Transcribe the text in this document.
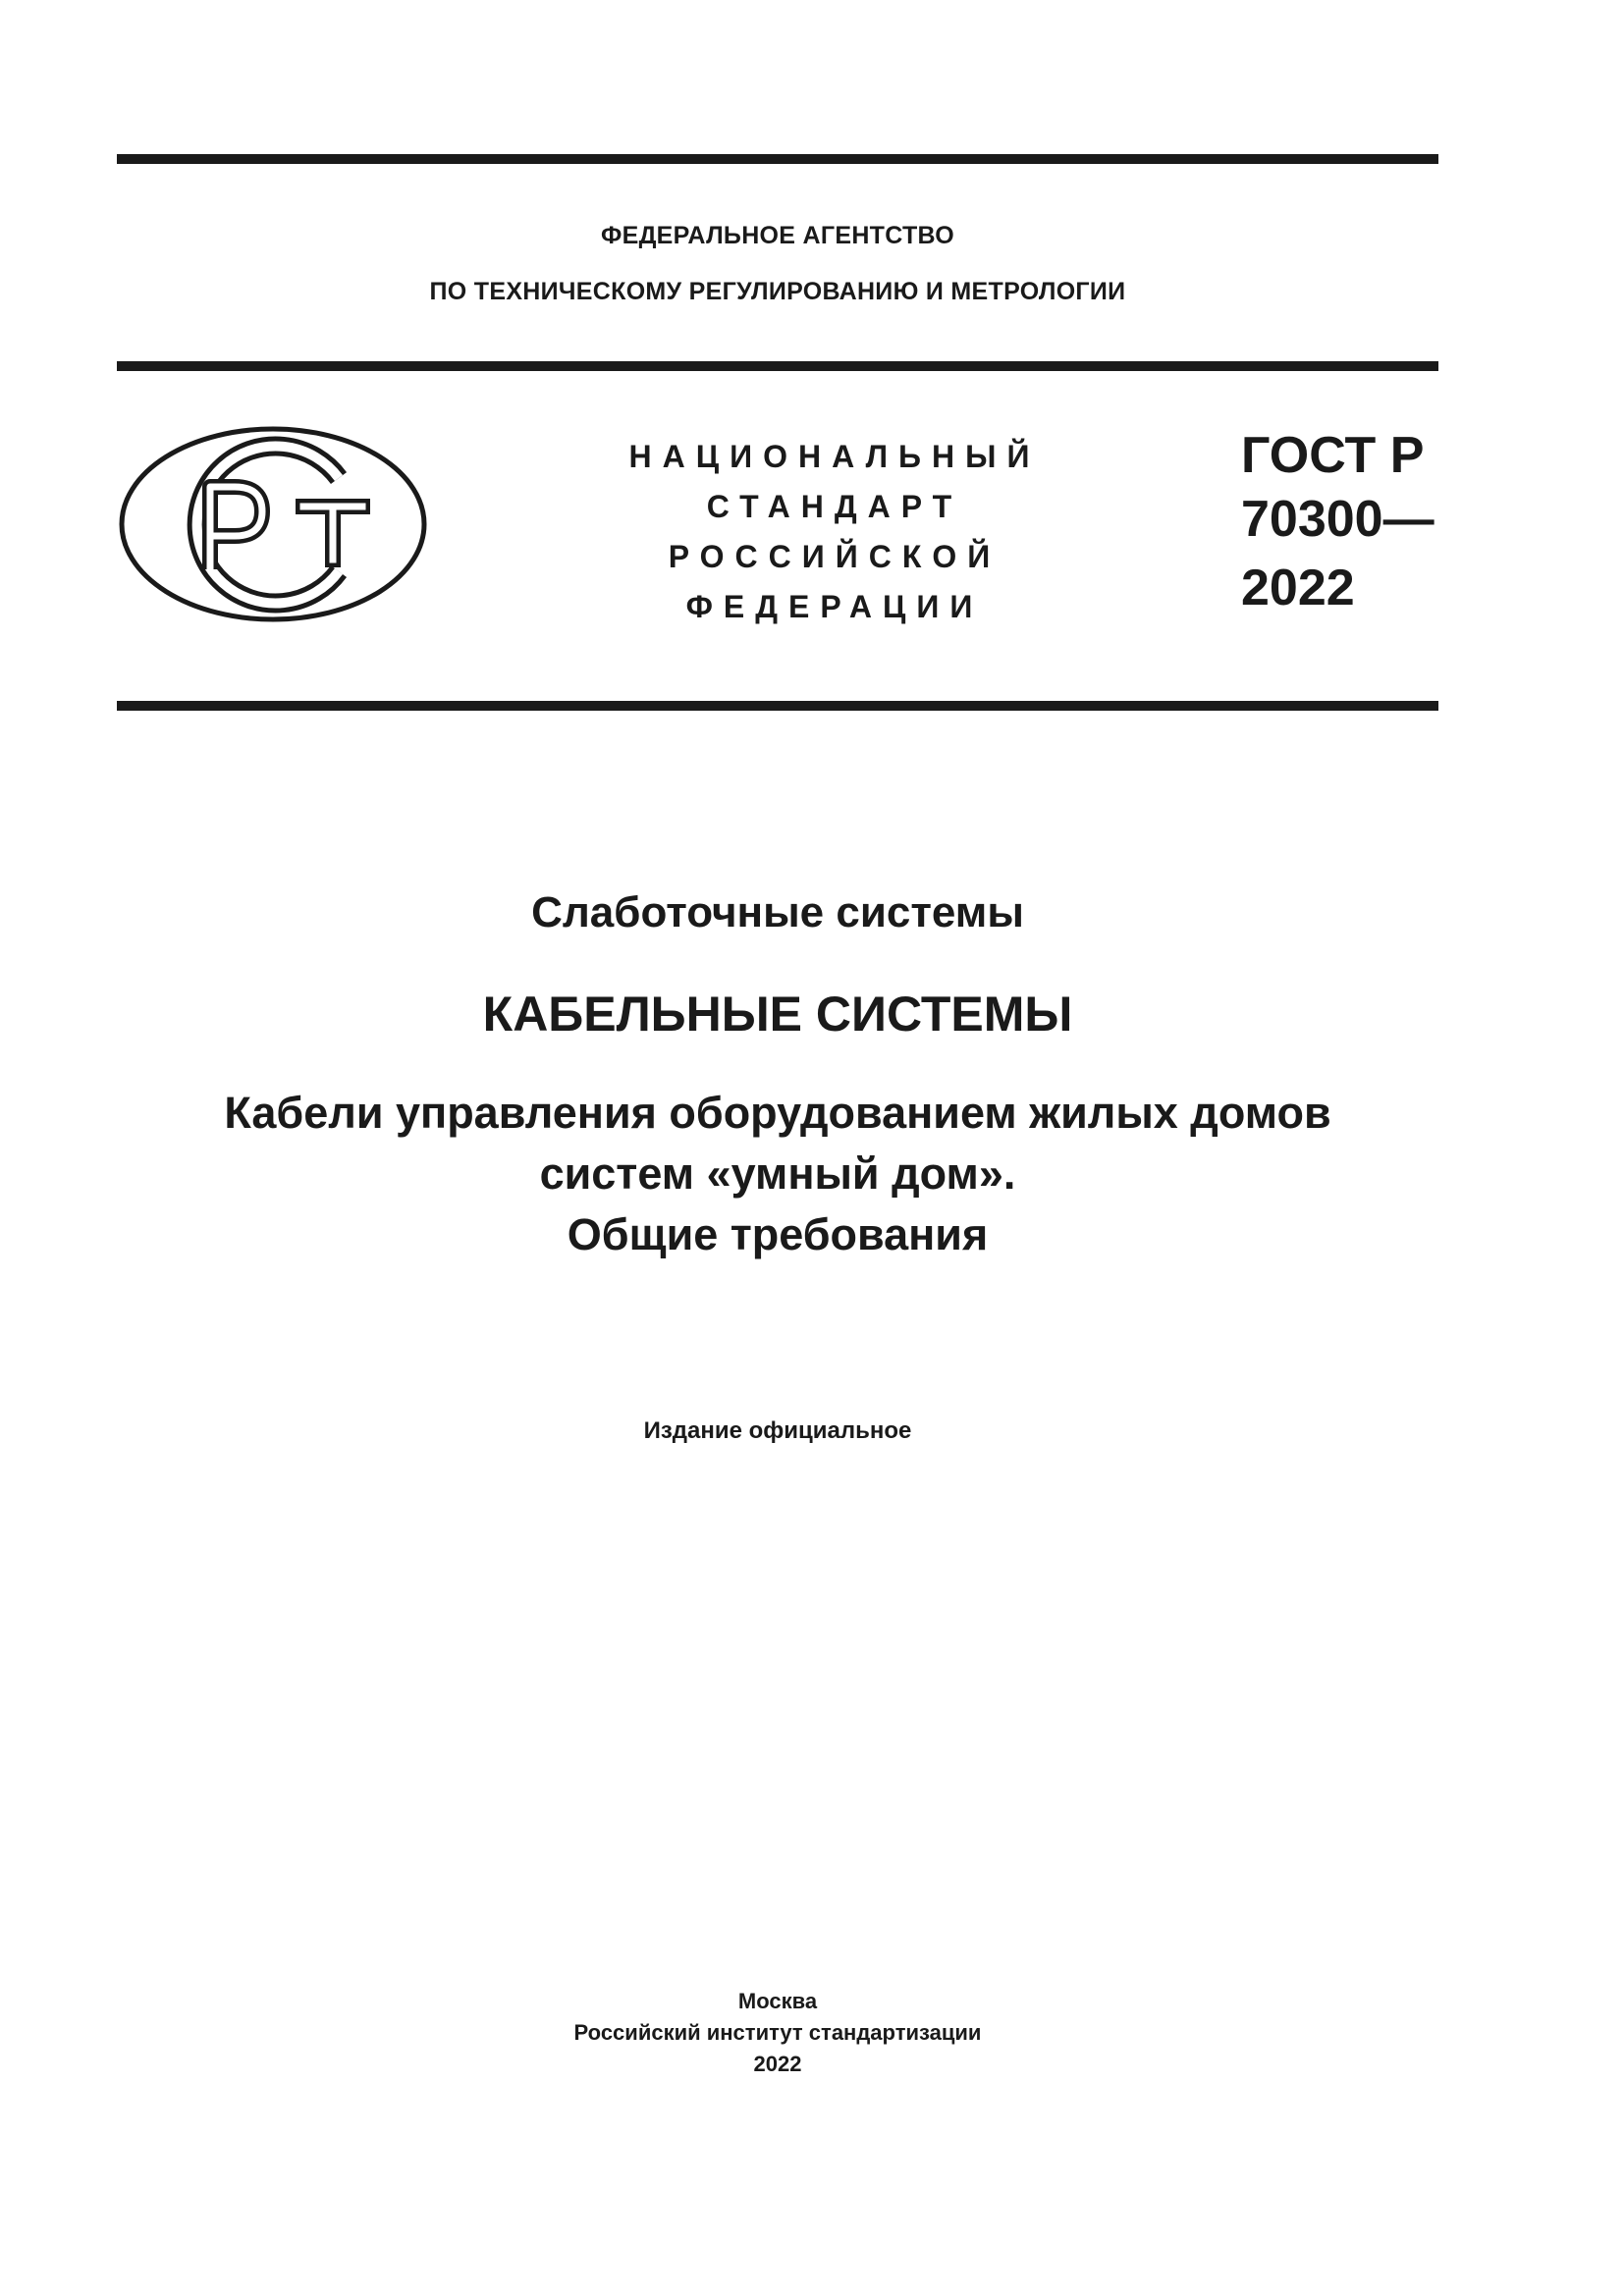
ФЕДЕРАЛЬНОЕ АГЕНТСТВО
ПО ТЕХНИЧЕСКОМУ РЕГУЛИРОВАНИЮ И МЕТРОЛОГИИ
НАЦИОНАЛЬНЫЙ
СТАНДАРТ
РОССИЙСКОЙ
ФЕДЕРАЦИИ
ГОСТ Р
70300—
2022
Слаботочные системы
КАБЕЛЬНЫЕ СИСТЕМЫ
Кабели управления оборудованием жилых домов
систем «умный дом».
Общие требования
Издание официальное
Москва
Российский институт стандартизации
2022
